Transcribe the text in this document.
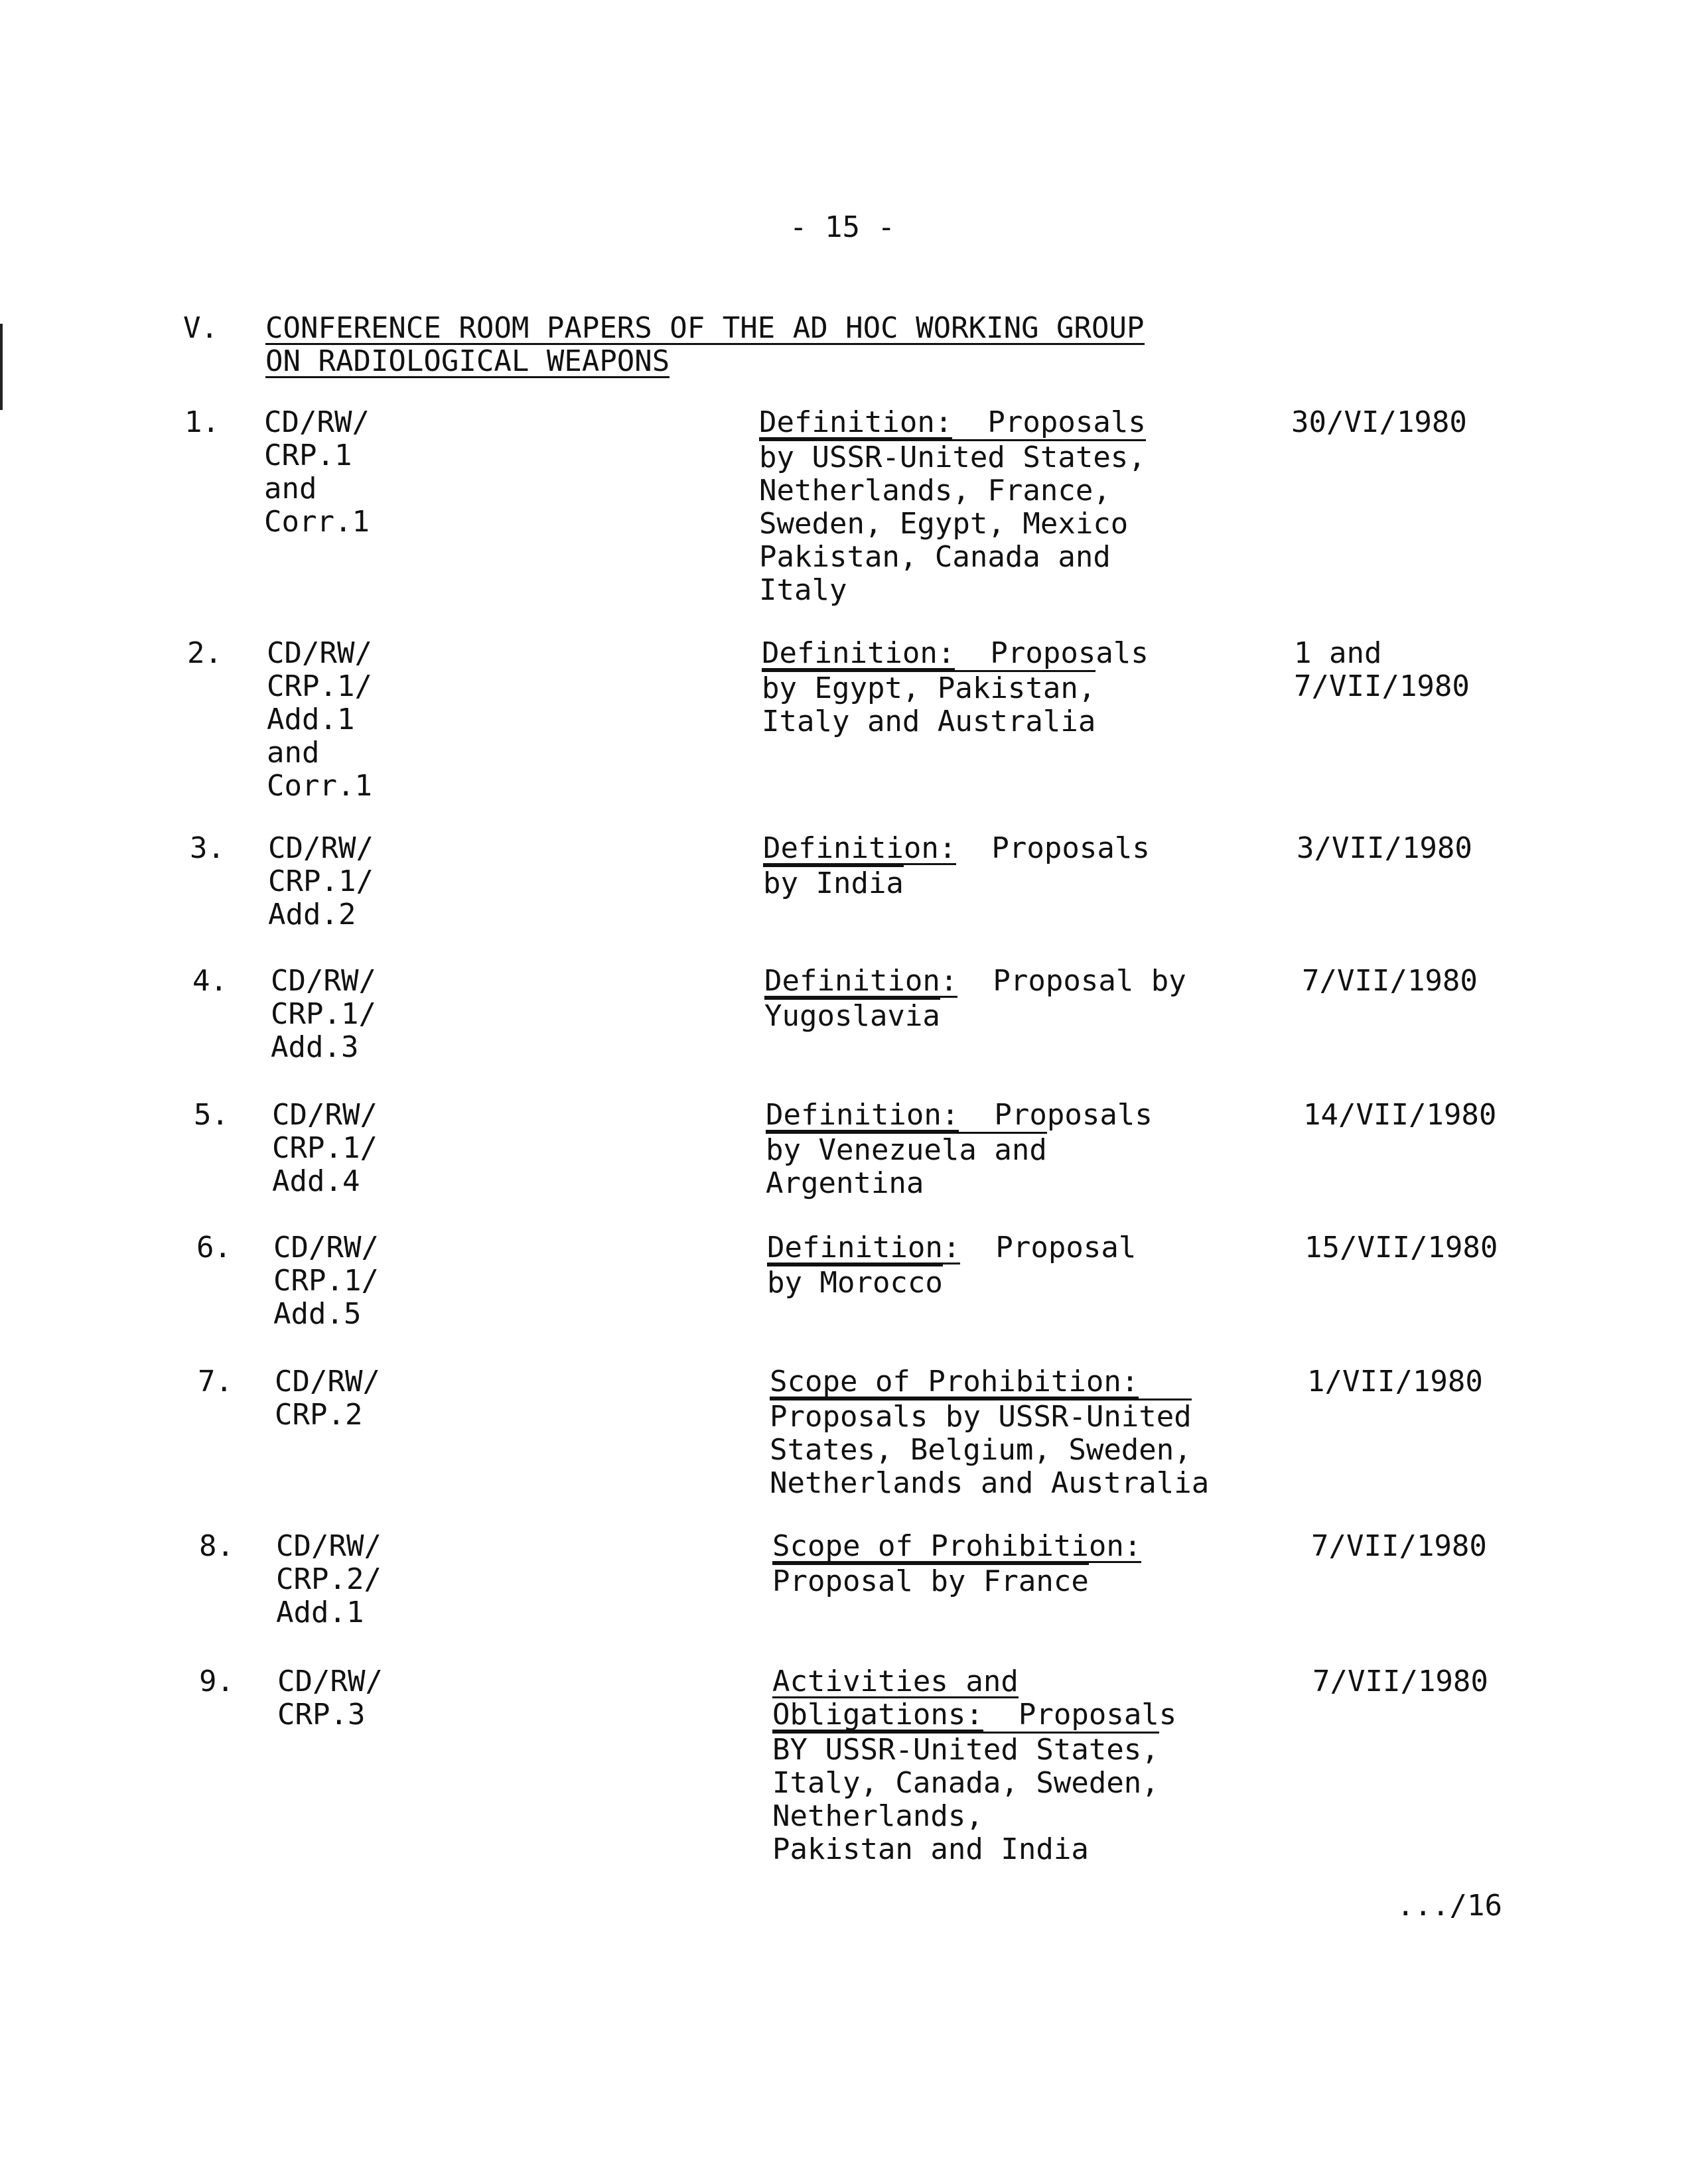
- 15 -
V. CONFERENCE ROOM PAPERS OF THE AD HOC WORKING GROUP
ON RADIOLOGICAL WEAPONS
1. CD/RW/
CRP.1
and
Corr.1
Definition: Proposals
by USSR-United States,

Netherlands, France,
Sweden, Egypt, Mexico
Pakistan, Canada and
Italy
30/VI/1980
2. CD/RW/
CRP.1/
Add.1
and
Corr.1
Definition: Proposals
by Egypt, Pakistan,

Italy and Australia
1 and
7/VII/1980
3. CD/RW/
CRP.1/
Add.2
Definition: Proposals
by India
3/VII/1980
4. CD/RW/
CRP.1/
Add.3
Definition: Proposal by
Yugoslavia
7/VII/1980
5. CD/RW/
CRP.1/
Add.4
Definition: Proposals
by Venezuela and

Argentina
14/VII/1980
6. CD/RW/
CRP.1/
Add.5
Definition: Proposal
by Morocco
15/VII/1980
7. CD/RW/
CRP.2
Scope of Prohibition:
Proposals by USSR-United

States, Belgium, Sweden,
Netherlands and Australia
1/VII/1980
8. CD/RW/
CRP.2/
Add.1
Scope of Prohibition:
Proposal by France
7/VII/1980
9. CD/RW/
CRP.3
Activities and
Obligations: Proposals
BY USSR-United States,

Italy, Canada, Sweden,
Netherlands,
Pakistan and India
7/VII/1980
.../16
